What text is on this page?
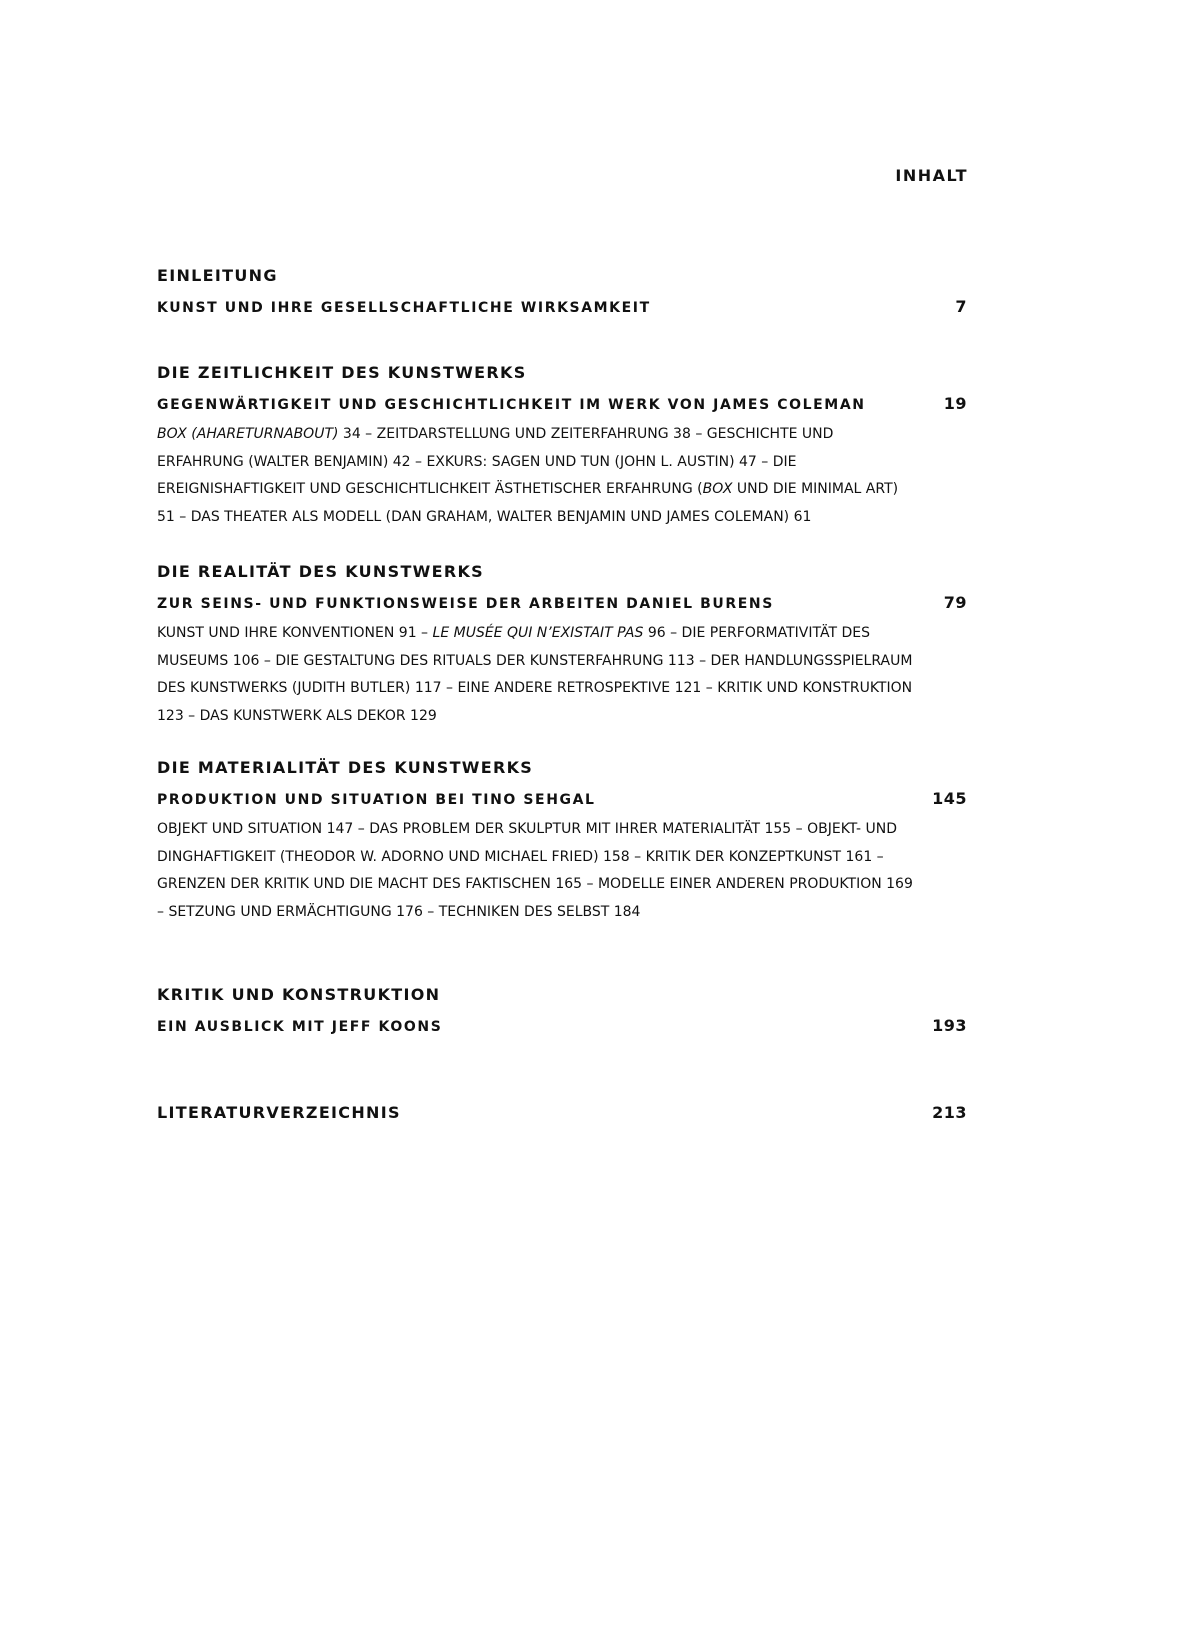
INHALT
EINLEITUNG
KUNST UND IHRE GESELLSCHAFTLICHE WIRKSAMKEIT	7
DIE ZEITLICHKEIT DES KUNSTWERKS
GEGENWÄRTIGKEIT UND GESCHICHTLICHKEIT IM WERK VON JAMES COLEMAN	19
BOX (AHARETURNABOUT) 34 – ZEITDARSTELLUNG UND ZEITERFAHRUNG 38 – GESCHICHTE UND ERFAHRUNG (WALTER BENJAMIN) 42 – EXKURS: SAGEN UND TUN (JOHN L. AUSTIN) 47 – DIE EREIGNISHAFTIGKEIT UND GESCHICHTLICHKEIT ÄSTHETISCHER ERFAHRUNG (BOX UND DIE MINIMAL ART) 51 – DAS THEATER ALS MODELL (DAN GRAHAM, WALTER BENJAMIN UND JAMES COLEMAN) 61
DIE REALITÄT DES KUNSTWERKS
ZUR SEINS- UND FUNKTIONSWEISE DER ARBEITEN DANIEL BURENS	79
KUNST UND IHRE KONVENTIONEN 91 – LE MUSÉE QUI N’EXISTAIT PAS 96 – DIE PERFORMATIVITÄT DES MUSEUMS 106 – DIE GESTALTUNG DES RITUALS DER KUNSTERFAHRUNG 113 – DER HANDLUNGSSPIELRAUM DES KUNSTWERKS (JUDITH BUTLER) 117 – EINE ANDERE RETROSPEKTIVE 121 – KRITIK UND KONSTRUKTION 123 – DAS KUNSTWERK ALS DEKOR 129
DIE MATERIALITÄT DES KUNSTWERKS
PRODUKTION UND SITUATION BEI TINO SEHGAL	145
OBJEKT UND SITUATION 147 – DAS PROBLEM DER SKULPTUR MIT IHRER MATERIALITÄT 155 – OBJEKT- UND DINGHAFTIGKEIT (THEODOR W. ADORNO UND MICHAEL FRIED) 158 – KRITIK DER KONZEPTKUNST 161 – GRENZEN DER KRITIK UND DIE MACHT DES FAKTISCHEN 165 – MODELLE EINER ANDEREN PRODUKTION 169 – SETZUNG UND ERMÄCHTIGUNG 176 – TECHNIKEN DES SELBST 184
KRITIK UND KONSTRUKTION
EIN AUSBLICK MIT JEFF KOONS	193
LITERATURVERZEICHNIS	213
